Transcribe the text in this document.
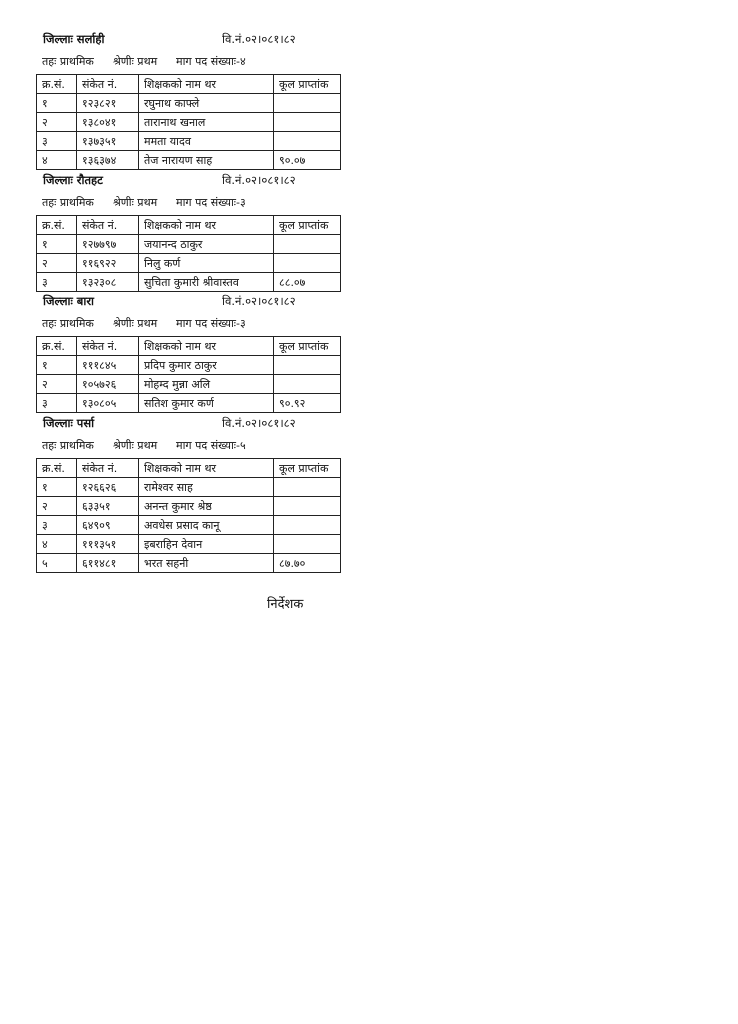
जिल्लाः सर्लाही	वि.नं.०२।०८१।८२
तहः प्राथमिक श्रेणीः प्रथम माग पद संख्याः-४
क्र.सं.	संकेत नं.	शिक्षकको नाम थर	कूल प्राप्तांक
१	१२३८२१	रघुनाथ काफ्ले	
२	१३८०४१	तारानाथ खनाल	
३	१३७३५१	ममता यादव	
४	१३६३७४	तेज नारायण साह	९०.०७
जिल्लाः रौतहट	वि.नं.०२।०८१।८२
तहः प्राथमिक श्रेणीः प्रथम माग पद संख्याः-३
क्र.सं.	संकेत नं.	शिक्षकको नाम थर	कूल प्राप्तांक
१	१२७७९७	जयानन्द ठाकुर	
२	११६९२२	निलु कर्ण	
३	१३२३०८	सुचिता कुमारी श्रीवास्तव	८८.०७
जिल्लाः बारा	वि.नं.०२।०८१।८२
तहः प्राथमिक श्रेणीः प्रथम माग पद संख्याः-३
क्र.सं.	संकेत नं.	शिक्षकको नाम थर	कूल प्राप्तांक
१	१११८४५	प्रदिप कुमार ठाकुर	
२	१०५७२६	मोहम्द मुन्ना अलि	
३	१३०८०५	सतिश कुमार कर्ण	९०.९२
जिल्लाः पर्सा	वि.नं.०२।०८१।८२
तहः प्राथमिक श्रेणीः प्रथम माग पद संख्याः-५
क्र.सं.	संकेत नं.	शिक्षकको नाम थर	कूल प्राप्तांक
१	१२६६२६	रामेश्वर साह	
२	६३३५१	अनन्त कुमार श्रेष्ठ	
३	६४९०९	अवधेस प्रसाद कानू	
४	१११३५१	इबराहिन देवान	
५	६११४८१	भरत सहनी	८७.७०
निर्देशक
